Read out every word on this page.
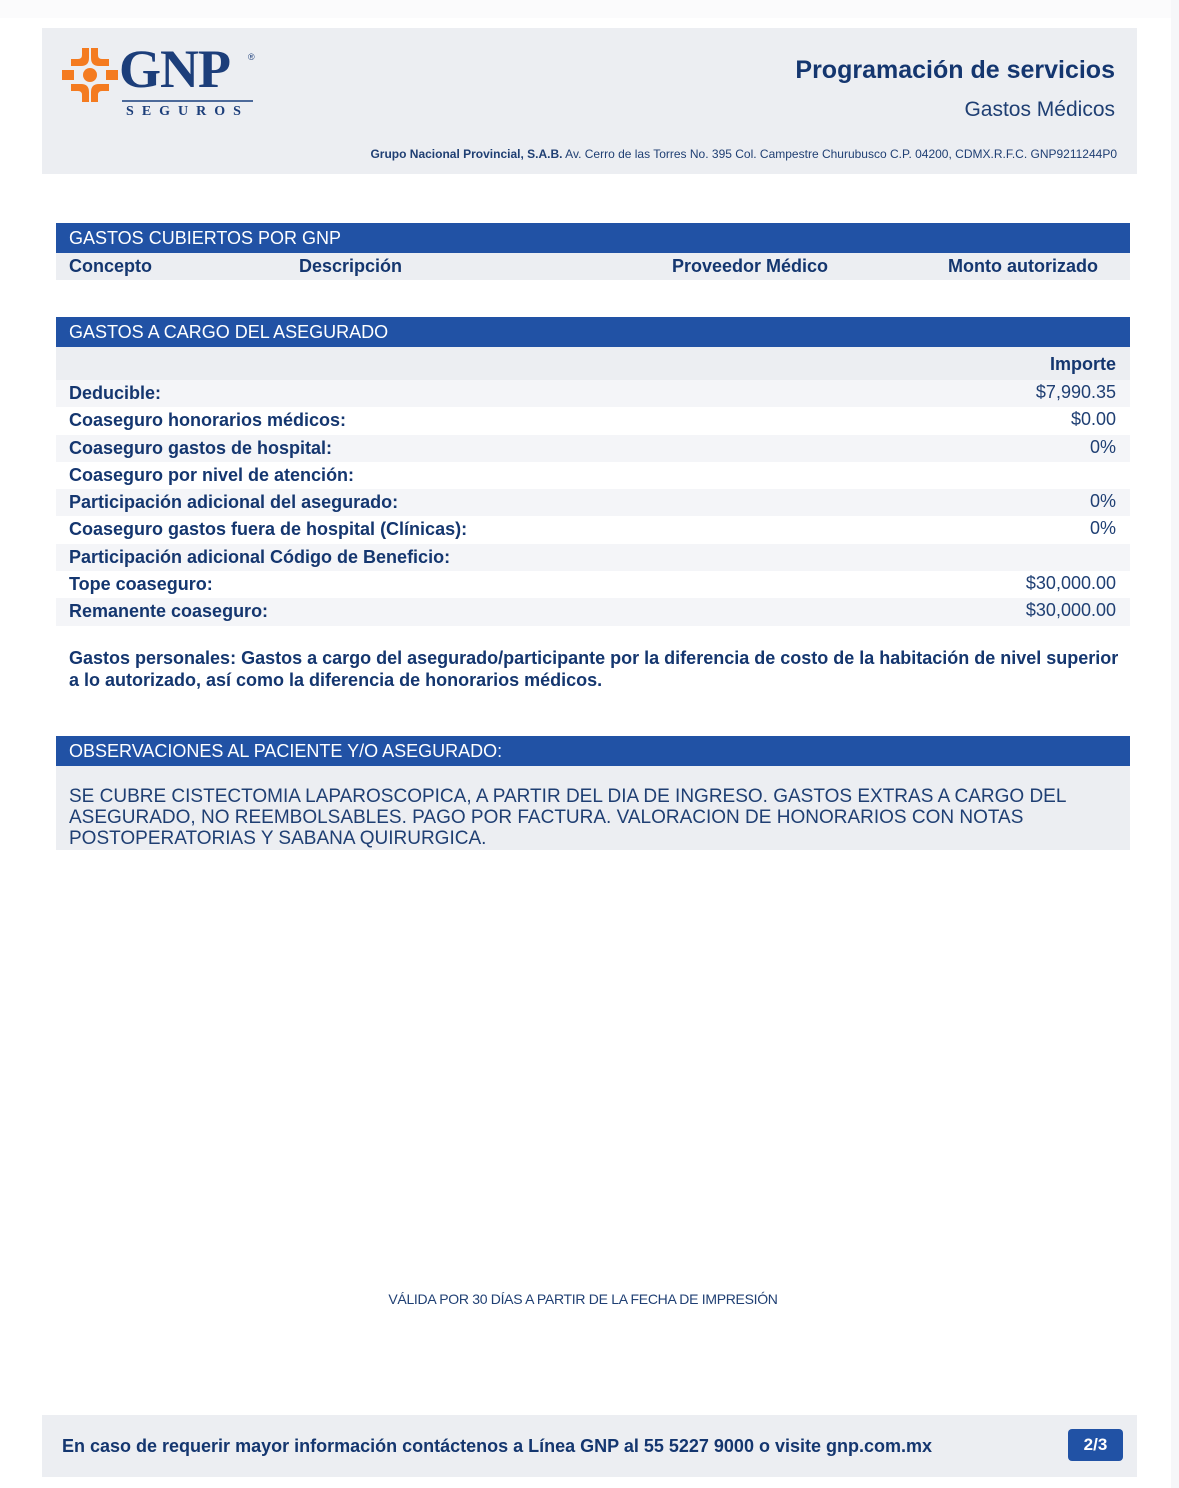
GNP ®
SEGUROS
Programación de servicios
Gastos Médicos
Grupo Nacional Provincial, S.A.B. Av. Cerro de las Torres No. 395 Col. Campestre Churubusco C.P. 04200, CDMX.R.F.C. GNP9211244P0
GASTOS CUBIERTOS POR GNP
Concepto	Descripción	Proveedor Médico	Monto autorizado
GASTOS A CARGO DEL ASEGURADO
Importe
Deducible:	$7,990.35
Coaseguro honorarios médicos:	$0.00
Coaseguro gastos de hospital:	0%
Coaseguro por nivel de atención:
Participación adicional del asegurado:	0%
Coaseguro gastos fuera de hospital (Clínicas):	0%
Participación adicional Código de Beneficio:
Tope coaseguro:	$30,000.00
Remanente coaseguro:	$30,000.00
Gastos personales: Gastos a cargo del asegurado/participante por la diferencia de costo de la habitación de nivel superior a lo autorizado, así como la diferencia de honorarios médicos.
OBSERVACIONES AL PACIENTE Y/O ASEGURADO:
SE CUBRE CISTECTOMIA LAPAROSCOPICA, A PARTIR DEL DIA DE INGRESO. GASTOS EXTRAS A CARGO DEL ASEGURADO, NO REEMBOLSABLES. PAGO POR FACTURA. VALORACION DE HONORARIOS CON NOTAS POSTOPERATORIAS Y SABANA QUIRURGICA.
VÁLIDA POR 30 DÍAS A PARTIR DE LA FECHA DE IMPRESIÓN
En caso de requerir mayor información contáctenos a Línea GNP al 55 5227 9000 o visite gnp.com.mx	2/3
